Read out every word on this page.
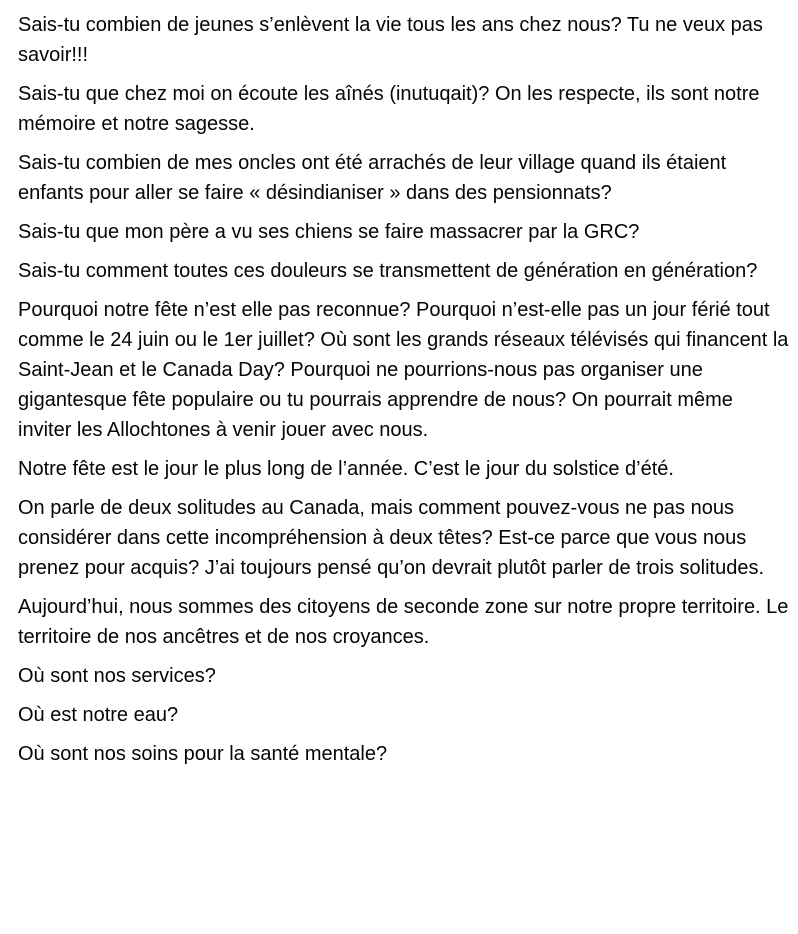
Sais-tu combien de jeunes s’enlèvent la vie tous les ans chez nous? Tu ne veux pas savoir!!!

Sais-tu que chez moi on écoute les aînés (inutuqait)? On les respecte, ils sont notre mémoire et notre sagesse.

Sais-tu combien de mes oncles ont été arrachés de leur village quand ils étaient enfants pour aller se faire « désindianiser » dans des pensionnats?

Sais-tu que mon père a vu ses chiens se faire massacrer par la GRC?

Sais-tu comment toutes ces douleurs se transmettent de génération en génération?

Pourquoi notre fête n’est elle pas reconnue? Pourquoi n’est-elle pas un jour férié tout comme le 24 juin ou le 1er juillet? Où sont les grands réseaux télévisés qui financent la Saint-Jean et le Canada Day? Pourquoi ne pourrions-nous pas organiser une gigantesque fête populaire ou tu pourrais apprendre de nous? On pourrait même inviter les Allochtones à venir jouer avec nous.

Notre fête est le jour le plus long de l’année. C’est le jour du solstice d’été.

On parle de deux solitudes au Canada, mais comment pouvez-vous ne pas nous considérer dans cette incompréhension à deux têtes? Est-ce parce que vous nous prenez pour acquis? J’ai toujours pensé qu’on devrait plutôt parler de trois solitudes.

Aujourd’hui, nous sommes des citoyens de seconde zone sur notre propre territoire. Le territoire de nos ancêtres et de nos croyances.

Où sont nos services?

Où est notre eau?

Où sont nos soins pour la santé mentale?
